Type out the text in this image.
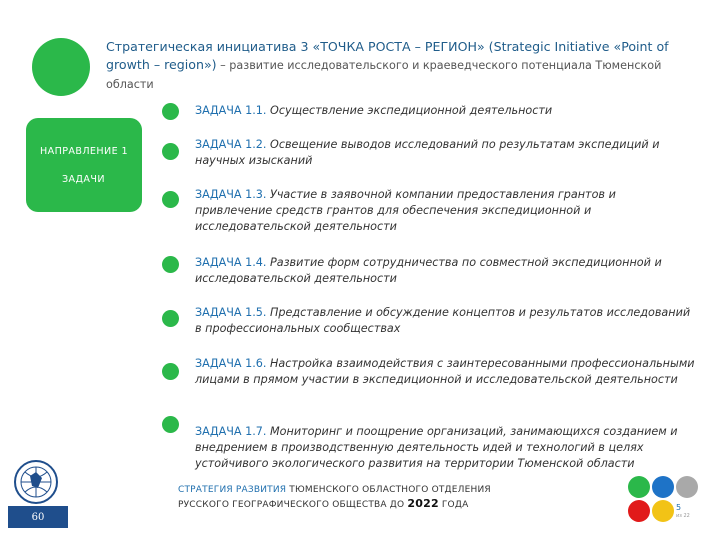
Стратегическая инициатива 3 «ТОЧКА РОСТА – РЕГИОН» (Strategic Initiative «Point of growth – region») – развитие исследовательского и краеведческого потенциала Тюменской области
НАПРАВЛЕНИЕ 1
ЗАДАЧИ
ЗАДАЧА 1.1. Осуществление экспедиционной деятельности
ЗАДАЧА 1.2. Освещение выводов исследований по результатам экспедиций и научных изысканий
ЗАДАЧА 1.3. Участие в заявочной компании предоставления грантов и привлечение средств грантов для обеспечения экспедиционной и исследовательской деятельности
ЗАДАЧА 1.4. Развитие форм сотрудничества по совместной экспедиционной и исследовательской деятельности
ЗАДАЧА 1.5. Представление и обсуждение концептов и результатов исследований в профессиональных сообществах
ЗАДАЧА 1.6. Настройка взаимодействия с заинтересованными профессиональными лицами в прямом участии в экспедиционной и исследовательской деятельности
ЗАДАЧА 1.7. Мониторинг и поощрение организаций, занимающихся созданием и внедрением в производственную деятельность идей и технологий в целях устойчивого экологического развития на территории Тюменской области
60
СТРАТЕГИЯ РАЗВИТИЯ ТЮМЕНСКОГО ОБЛАСТНОГО ОТДЕЛЕНИЯ
РУССКОГО ГЕОГРАФИЧЕСКОГО ОБЩЕСТВА ДО 2022 ГОДА	5
из 22
